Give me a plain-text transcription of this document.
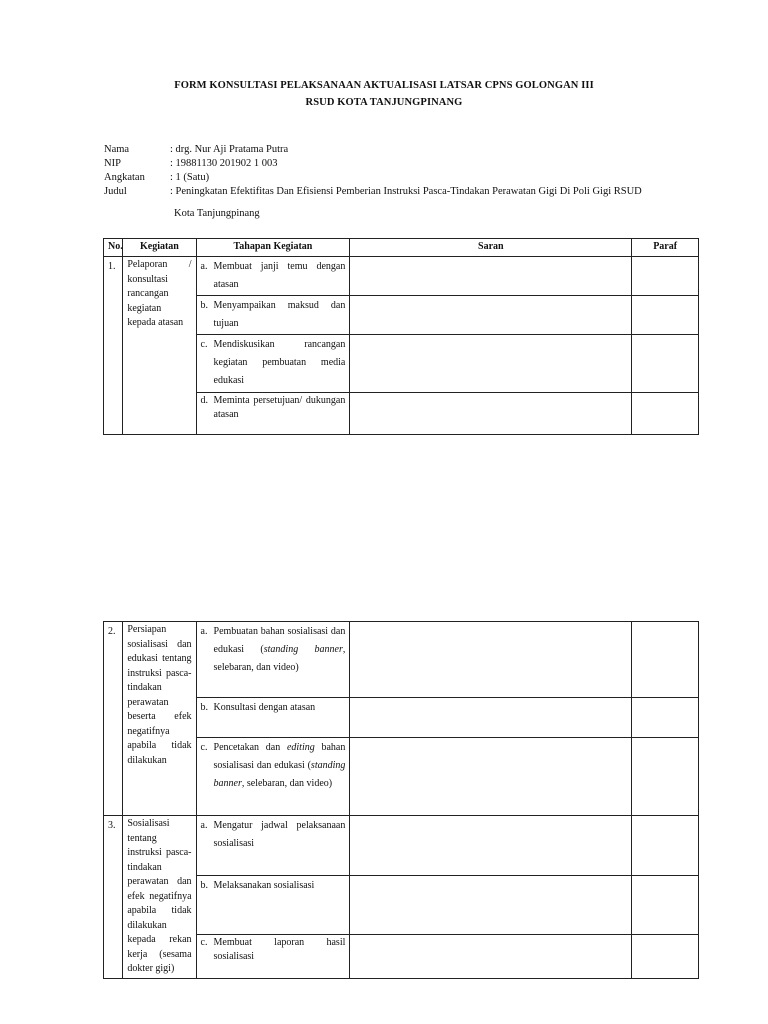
FORM KONSULTASI PELAKSANAAN AKTUALISASI LATSAR CPNS GOLONGAN III
RSUD KOTA TANJUNGPINANG
Nama	: drg. Nur Aji Pratama Putra
NIP	: 19881130 201902 1 003
Angkatan	: 1 (Satu)
Judul	: Peningkatan Efektifitas Dan Efisiensi Pemberian Instruksi Pasca-Tindakan Perawatan Gigi Di Poli Gigi RSUD
Kota Tanjungpinang
No.	Kegiatan	Tahapan Kegiatan	Saran	Paraf
1.	Pelaporan / konsultasi rancangan kegiatan kepada atasan	a. Membuat janji temu dengan atasan		

		b. Menyampaikan maksud dan tujuan		

		c. Mendiskusikan rancangan kegiatan pembuatan media edukasi		

		d. Meminta persetujuan/ dukungan atasan		

2.	Persiapan sosialisasi dan edukasi tentang instruksi pasca-tindakan perawatan beserta efek negatifnya apabila tidak dilakukan	a. Pembuatan bahan sosialisasi dan edukasi (standing banner, selebaran, dan video)		

		b. Konsultasi dengan atasan		

		c. Pencetakan dan editing bahan sosialisasi dan edukasi (standing banner, selebaran, dan video)		

3.	Sosialisasi tentang instruksi pasca-tindakan perawatan dan efek negatifnya apabila tidak dilakukan kepada rekan kerja (sesama dokter gigi)	a. Mengatur jadwal pelaksanaan sosialisasi		

		b. Melaksanakan sosialisasi		

		c. Membuat laporan hasil sosialisasi		
